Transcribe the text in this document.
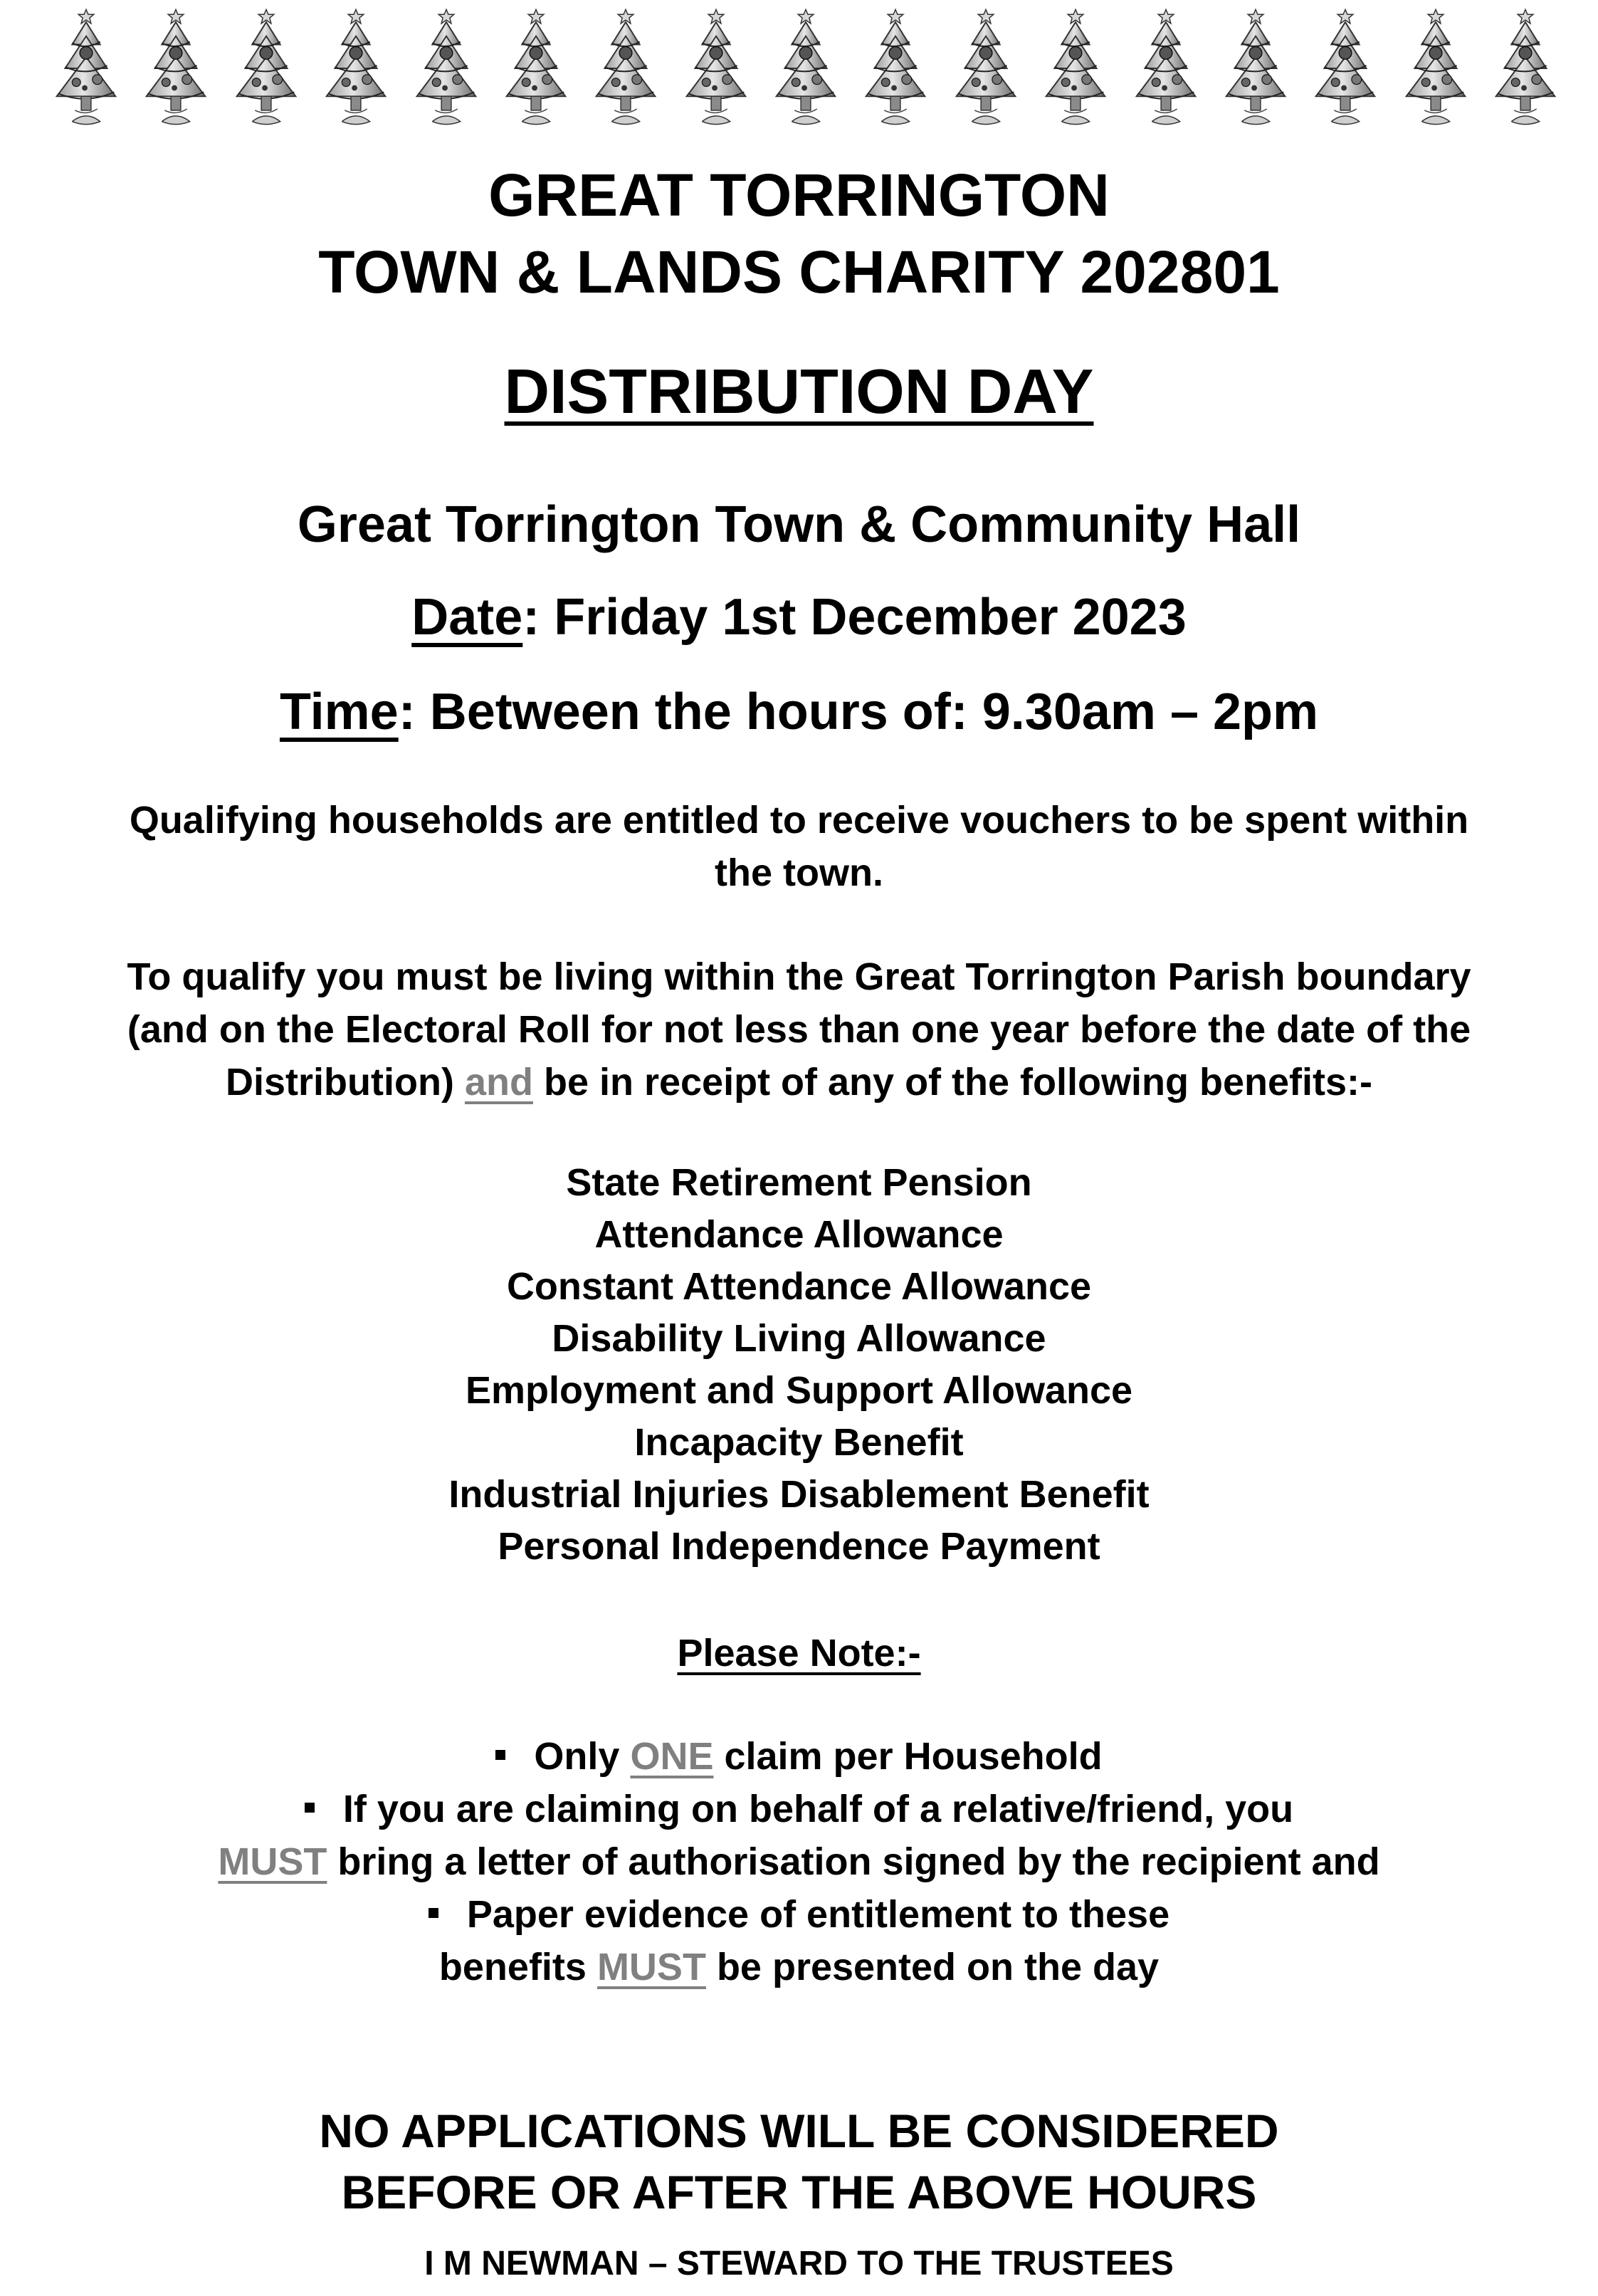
GREAT TORRINGTON
TOWN & LANDS CHARITY 202801
DISTRIBUTION DAY
Great Torrington Town & Community Hall
Date: Friday 1st December 2023
Time: Between the hours of: 9.30am – 2pm
Qualifying households are entitled to receive vouchers to be spent within
the town.
To qualify you must be living within the Great Torrington Parish boundary
(and on the Electoral Roll for not less than one year before the date of the
Distribution) and be in receipt of any of the following benefits:-
State Retirement Pension
Attendance Allowance
Constant Attendance Allowance
Disability Living Allowance
Employment and Support Allowance
Incapacity Benefit
Industrial Injuries Disablement Benefit
Personal Independence Payment
Please Note:-
Only ONE claim per Household
If you are claiming on behalf of a relative/friend, you
MUST bring a letter of authorisation signed by the recipient and
Paper evidence of entitlement to these
benefits MUST be presented on the day
NO APPLICATIONS WILL BE CONSIDERED
BEFORE OR AFTER THE ABOVE HOURS
I M NEWMAN – STEWARD TO THE TRUSTEES
